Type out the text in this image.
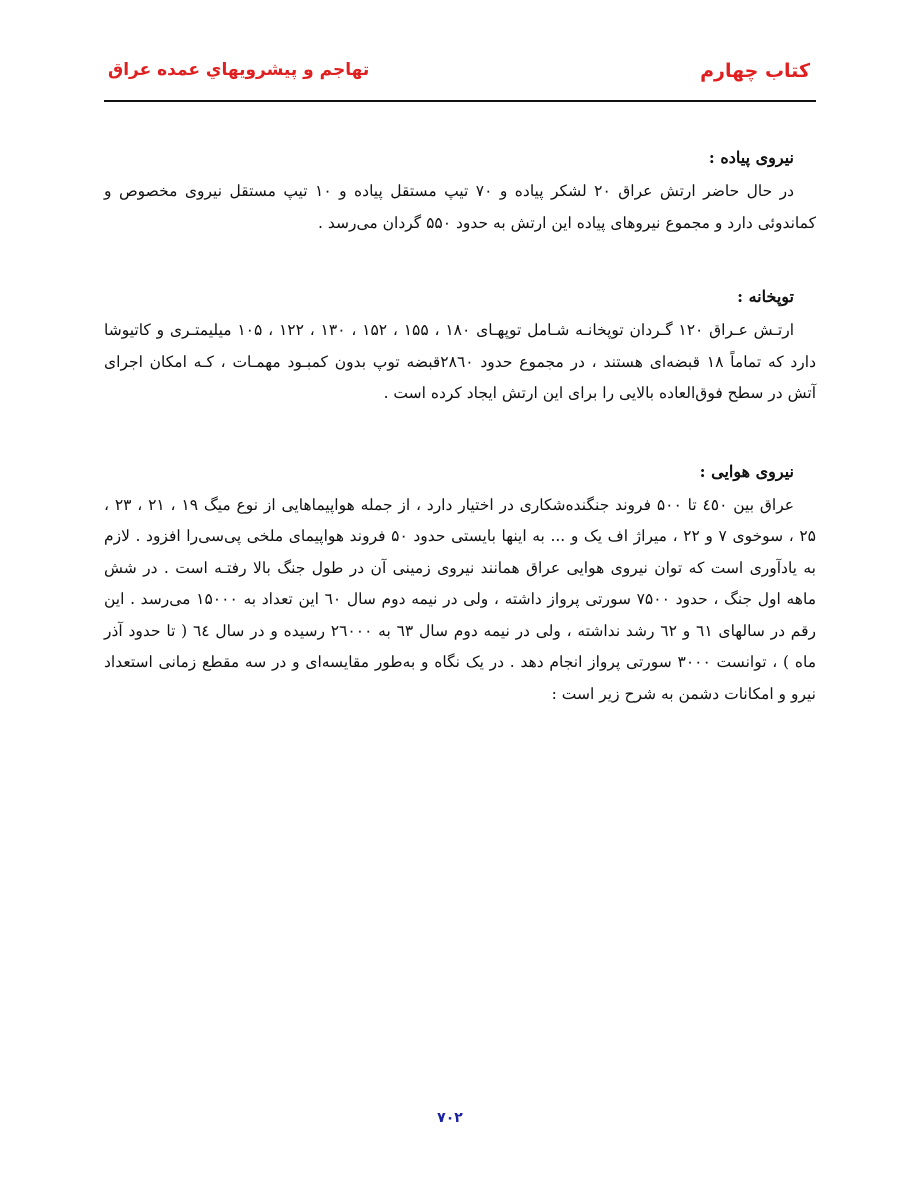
كتاب چهارم
تهاجم و پيشرويهاي عمده عراق
نیروی پیاده :

در حال حاضر ارتش عراق ۲۰ لشکر پیاده و ۷۰ تیپ مستقل پیاده و ۱۰ تیپ مستقل نیروی مخصوص و کماندوئی دارد و مجموع نیروهای پیاده این ارتش به حدود ۵۵۰ گردان می‌رسد .

توپخانه :

ارتـش عـراق ۱۲۰ گـردان توپخانـه شـامل توپهـای ۱۸۰ ، ۱۵۵ ، ۱۵۲ ، ۱۳۰ ، ۱۲۲ ، ۱۰۵ میلیمتـری و کاتیوشا دارد که تماماً ۱۸ قبضه‌ای هستند ، در مجموع حدود ۲۸٦۰قبضه توپ بدون کمبـود مهمـات ، کـه امکان اجرای آتش در سطح فوق‌العاده بالایی را برای این ارتش ایجاد کرده است .

نیروی هوایی :

عراق بین ٤٥٠ تا ۵۰۰ فروند جنگنده‌شکاری در اختیار دارد ، از جمله هواپیماهایی از نوع میگ ۱۹ ، ۲۱ ، ۲۳ ، ۲۵ ، سوخوی ۷ و ۲۲ ، میراژ اف یک و ... به اینها بایستی حدود ۵۰ فروند هواپیمای ملخی پی‌سی‌را افزود . لازم به یادآوری است که توان نیروی هوایی عراق همانند نیروی زمینی آن در طول جنگ بالا رفتـه است . در شش ماهه اول جنگ ، حدود ۷۵۰۰ سورتی پرواز داشته ، ولی در نیمه دوم سال ٦۰ این تعداد به ۱۵۰۰۰ می‌رسد . این رقم در سالهای ٦۱ و ٦۲ رشد نداشته ، ولی در نیمه دوم سال ٦۳ به ٢٦۰۰۰ رسیده و در سال ٦٤ ( تا حدود آذر ماه ) ، توانست ۳۰۰۰ سورتی پرواز انجام دهد . در یک نگاه و به‌طور مقایسه‌ای و در سه مقطع زمانی استعداد نیرو و امکانات دشمن به شرح زیر است :

۷۰۲
